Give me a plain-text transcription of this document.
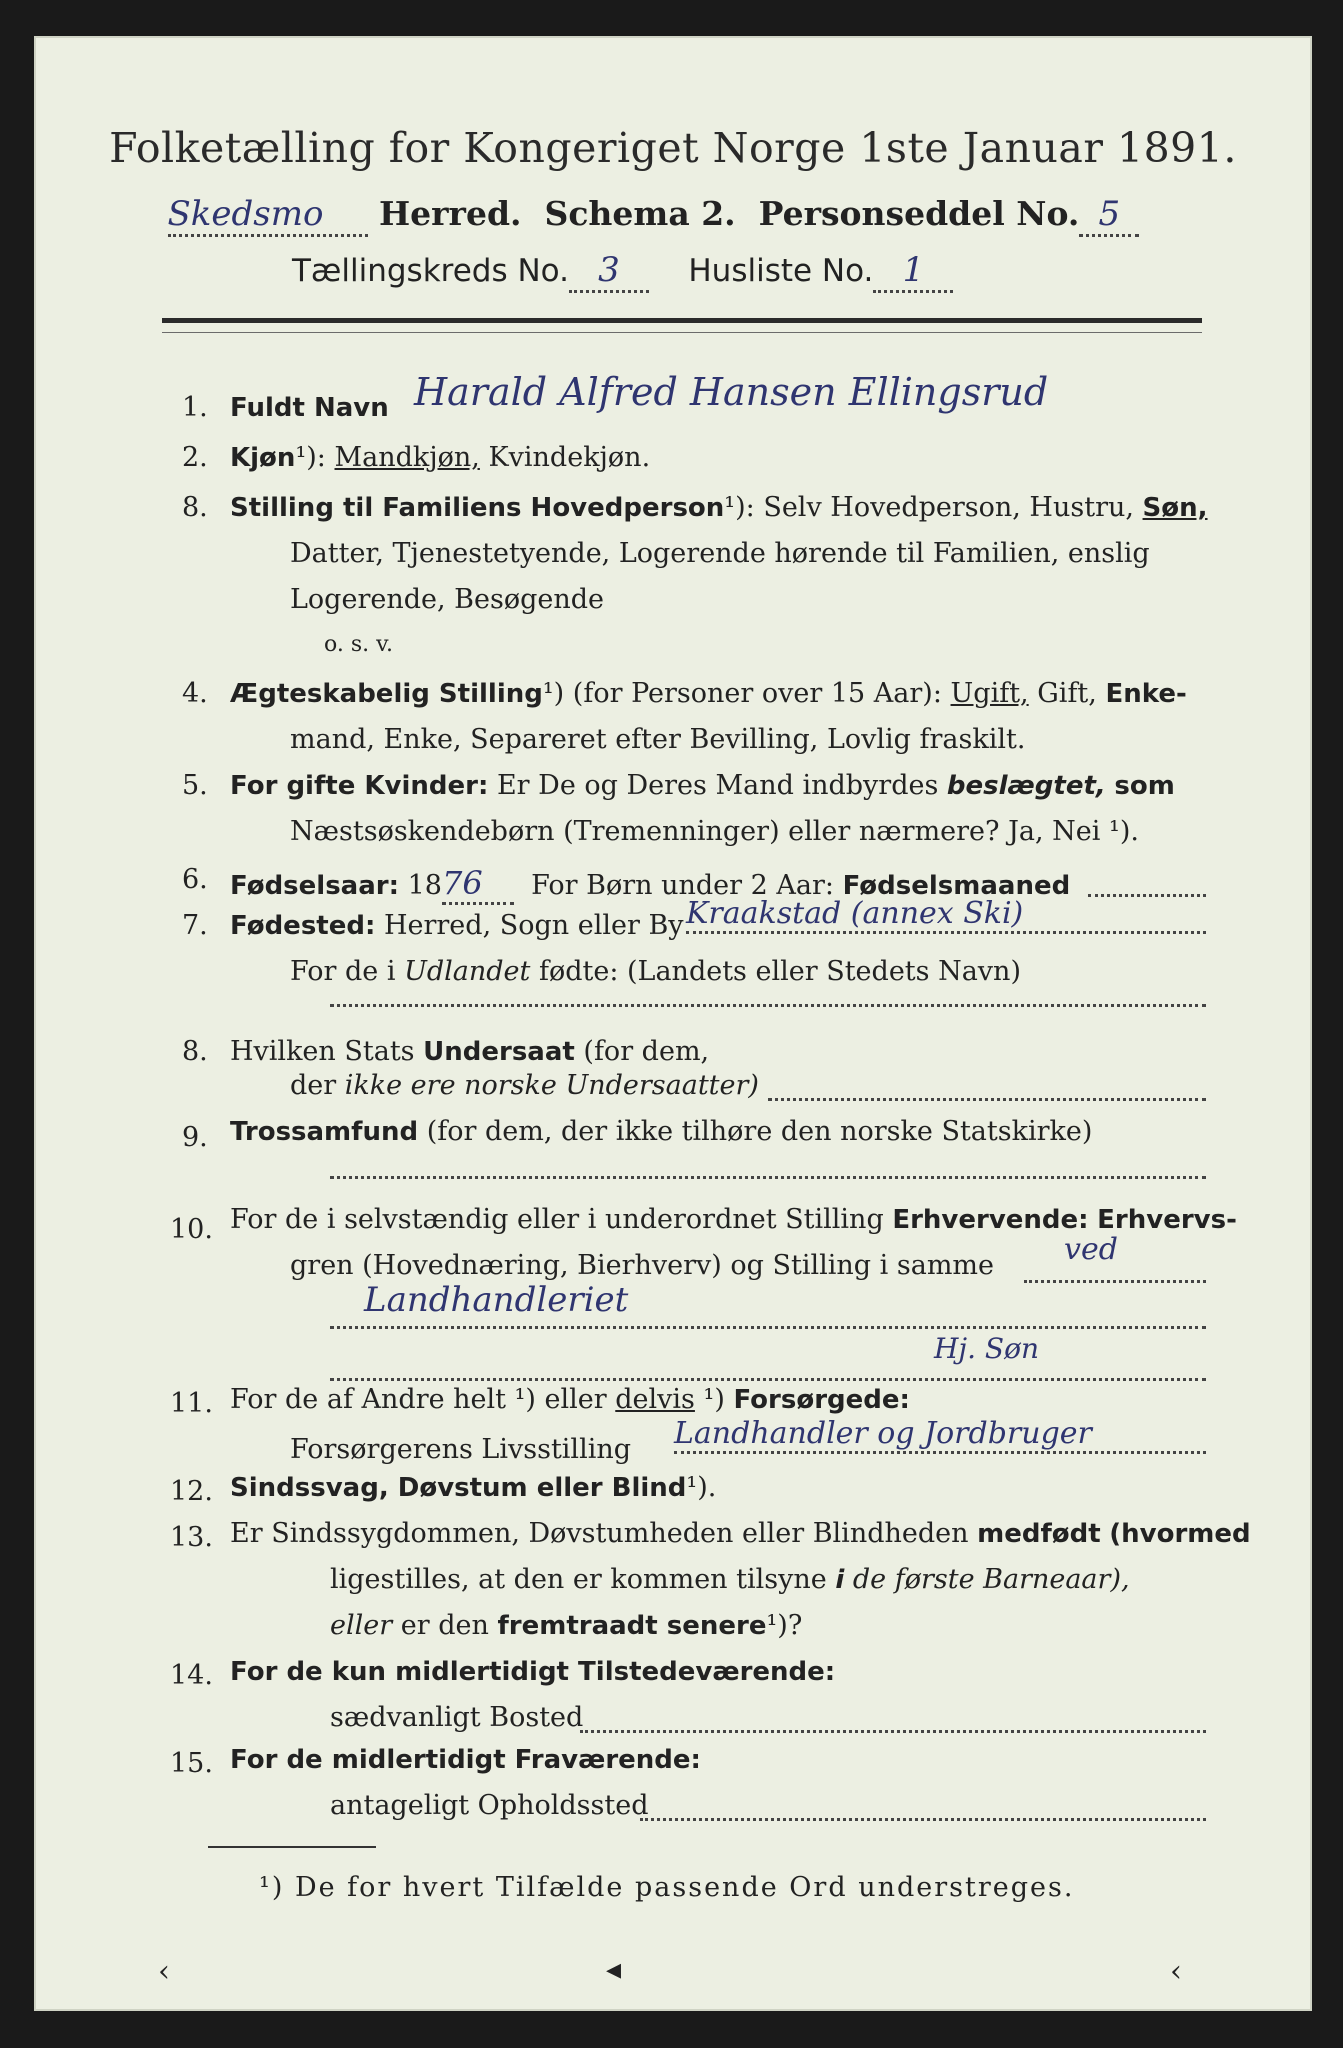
Folketælling for Kongeriget Norge 1ste Januar 1891.
Skedsmo Herred. Schema 2. Personseddel No. 5
Tællingskreds No. 3 Husliste No. 1
1. Fuldt Navn Harald Alfred Hansen Ellingsrud
2. Kjøn¹): Mandkjøn, Kvindekjøn.
8. Stilling til Familiens Hovedperson¹): Selv Hovedperson, Hustru, Søn,
Datter, Tjenestetyende, Logerende hørende til Familien, enslig
Logerende, Besøgende
o. s. v.
4. Ægteskabelig Stilling¹) (for Personer over 15 Aar): Ugift, Gift, Enke-
mand, Enke, Separeret efter Bevilling, Lovlig fraskilt.
5. For gifte Kvinder: Er De og Deres Mand indbyrdes beslægtet, som
Næstsøskendebørn (Tremenninger) eller nærmere? Ja, Nei ¹).
6. Fødselsaar: 1876 For Børn under 2 Aar: Fødselsmaaned
7. Fødested: Herred, Sogn eller By Kraakstad (annex Ski)
For de i Udlandet fødte: (Landets eller Stedets Navn)
8. Hvilken Stats Undersaat (for dem,
der ikke ere norske Undersaatter)
9. Trossamfund (for dem, der ikke tilhøre den norske Statskirke)
10. For de i selvstændig eller i underordnet Stilling Erhvervende: Erhvervs-
gren (Hovednæring, Bierhverv) og Stilling i samme ved
Landhandleriet
Hj. Søn
11. For de af Andre helt ¹) eller delvis ¹) Forsørgede:
Forsørgerens Livsstilling Landhandler og Jordbruger
12. Sindssvag, Døvstum eller Blind¹).
13. Er Sindssygdommen, Døvstumheden eller Blindheden medfødt (hvormed
ligestilles, at den er kommen tilsyne i de første Barneaar),
eller er den fremtraadt senere¹)?
14. For de kun midlertidigt Tilstedeværende:
sædvanligt Bosted
15. For de midlertidigt Fraværende:
antageligt Opholdssted
¹) De for hvert Tilfælde passende Ord understreges.
‹	◂	‹
